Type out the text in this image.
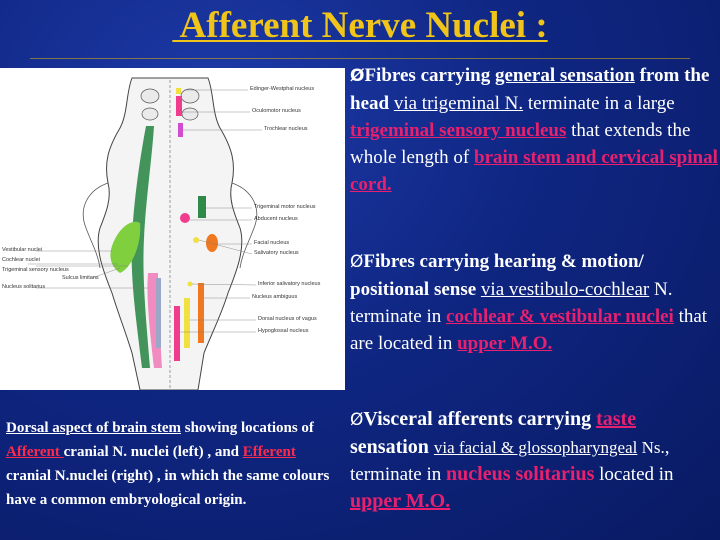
Afferent Nerve Nuclei :
Edinger-Westphal nucleus
Oculomotor nucleus
Trochlear nucleus
Trigeminal motor nucleus
Abducent nucleus
Facial nucleus
Salivatory nucleus
Nucleus ambiguus
Dorsal nucleus of vagus
Hypoglossal nucleus
Inferior salivatory nucleus
Sulcus limitans
Vestibular nuclei
Cochlear nuclei
Trigeminal sensory nucleus
Nucleus solitarius
Dorsal aspect of brain stem showing locations of Afferent cranial N. nuclei (left) , and Efferent cranial N.nuclei (right) , in which the same colours have a common embryological origin.
ØFibres carrying general sensation from the head via trigeminal N. terminate in a large trigeminal sensory nucleus that extends the whole length of brain stem and cervical spinal cord.
ØFibres carrying hearing & motion/ positional sense via vestibulo-cochlear N. terminate in cochlear & vestibular nuclei that are located in upper M.O.
ØVisceral afferents carrying taste sensation via facial & glossopharyngeal Ns., terminate in nucleus solitarius located in upper M.O.
